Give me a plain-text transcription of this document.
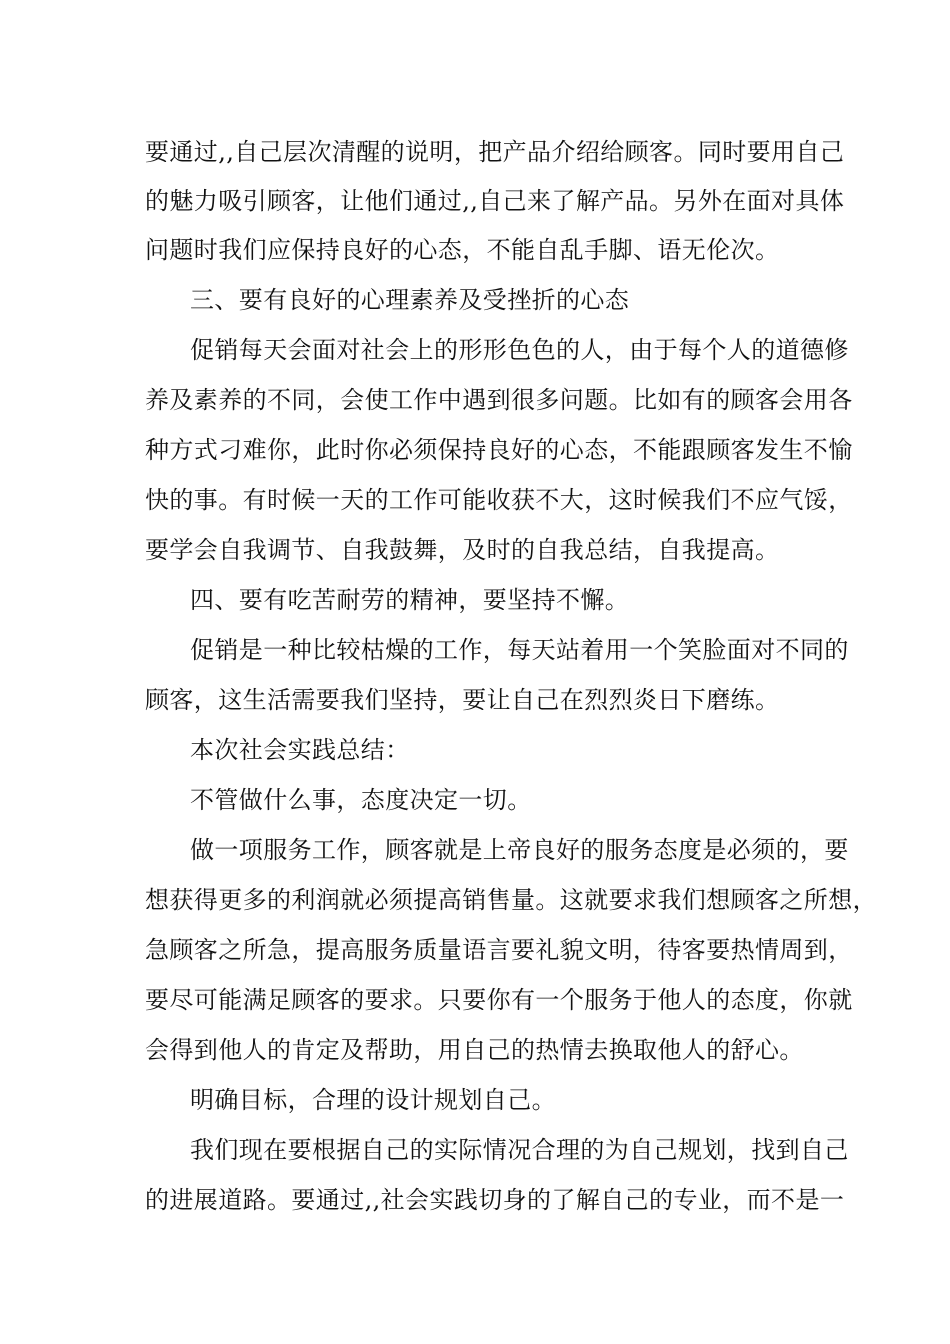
要通过,,自己层次清醒的说明，把产品介绍给顾客。同时要用自己
的魅力吸引顾客，让他们通过,,自己来了解产品。另外在面对具体
问题时我们应保持良好的心态，不能自乱手脚、语无伦次。
三、要有良好的心理素养及受挫折的心态
促销每天会面对社会上的形形色色的人，由于每个人的道德修
养及素养的不同，会使工作中遇到很多问题。比如有的顾客会用各
种方式刁难你，此时你必须保持良好的心态，不能跟顾客发生不愉
快的事。有时候一天的工作可能收获不大，这时候我们不应气馁，
要学会自我调节、自我鼓舞，及时的自我总结，自我提高。
四、要有吃苦耐劳的精神，要坚持不懈。
促销是一种比较枯燥的工作，每天站着用一个笑脸面对不同的
顾客，这生活需要我们坚持，要让自己在烈烈炎日下磨练。
本次社会实践总结：
不管做什么事，态度决定一切。
做一项服务工作，顾客就是上帝良好的服务态度是必须的，要
想获得更多的利润就必须提高销售量。这就要求我们想顾客之所想，
急顾客之所急，提高服务质量语言要礼貌文明，待客要热情周到，
要尽可能满足顾客的要求。只要你有一个服务于他人的态度，你就
会得到他人的肯定及帮助，用自己的热情去换取他人的舒心。
明确目标，合理的设计规划自己。
我们现在要根据自己的实际情况合理的为自己规划，找到自己
的进展道路。要通过,,社会实践切身的了解自己的专业，而不是一
